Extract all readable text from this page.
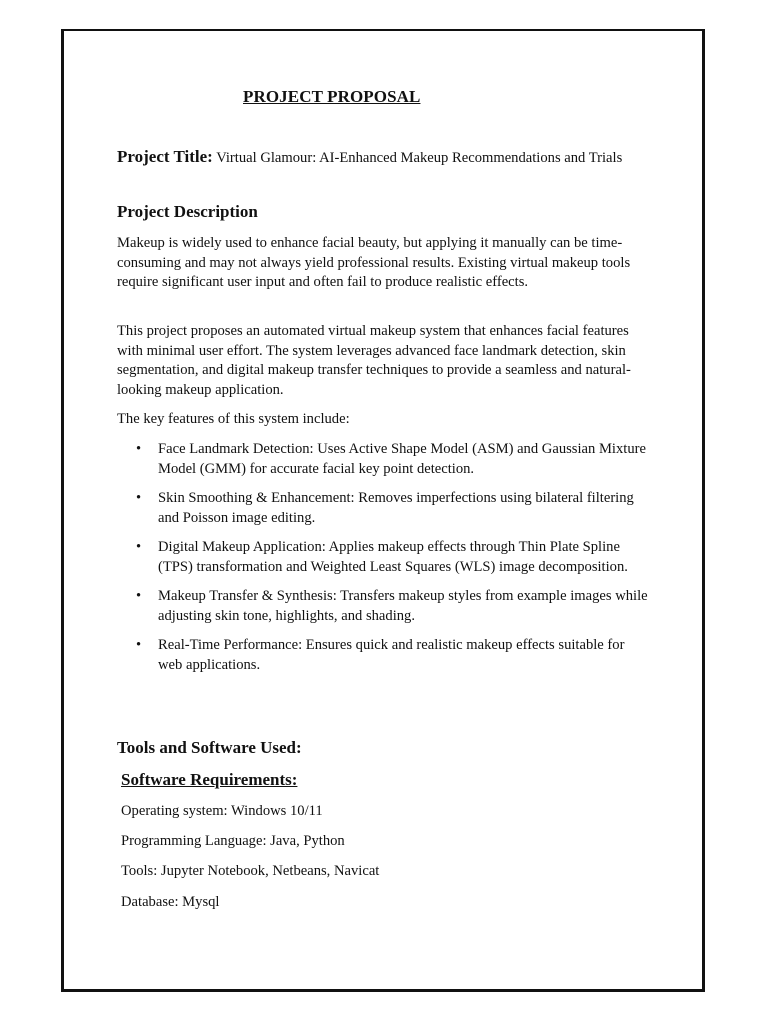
PROJECT PROPOSAL
Project Title: Virtual Glamour: AI-Enhanced Makeup Recommendations and Trials
Project Description
Makeup is widely used to enhance facial beauty, but applying it manually can be time-consuming and may not always yield professional results. Existing virtual makeup tools require significant user input and often fail to produce realistic effects.
This project proposes an automated virtual makeup system that enhances facial features with minimal user effort. The system leverages advanced face landmark detection, skin segmentation, and digital makeup transfer techniques to provide a seamless and natural-looking makeup application.
The key features of this system include:
• Face Landmark Detection: Uses Active Shape Model (ASM) and Gaussian Mixture Model (GMM) for accurate facial key point detection.
• Skin Smoothing & Enhancement: Removes imperfections using bilateral filtering and Poisson image editing.
• Digital Makeup Application: Applies makeup effects through Thin Plate Spline (TPS) transformation and Weighted Least Squares (WLS) image decomposition.
• Makeup Transfer & Synthesis: Transfers makeup styles from example images while adjusting skin tone, highlights, and shading.
• Real-Time Performance: Ensures quick and realistic makeup effects suitable for web applications.
Tools and Software Used:
Software Requirements:
Operating system: Windows 10/11
Programming Language: Java, Python
Tools: Jupyter Notebook, Netbeans, Navicat
Database: Mysql
